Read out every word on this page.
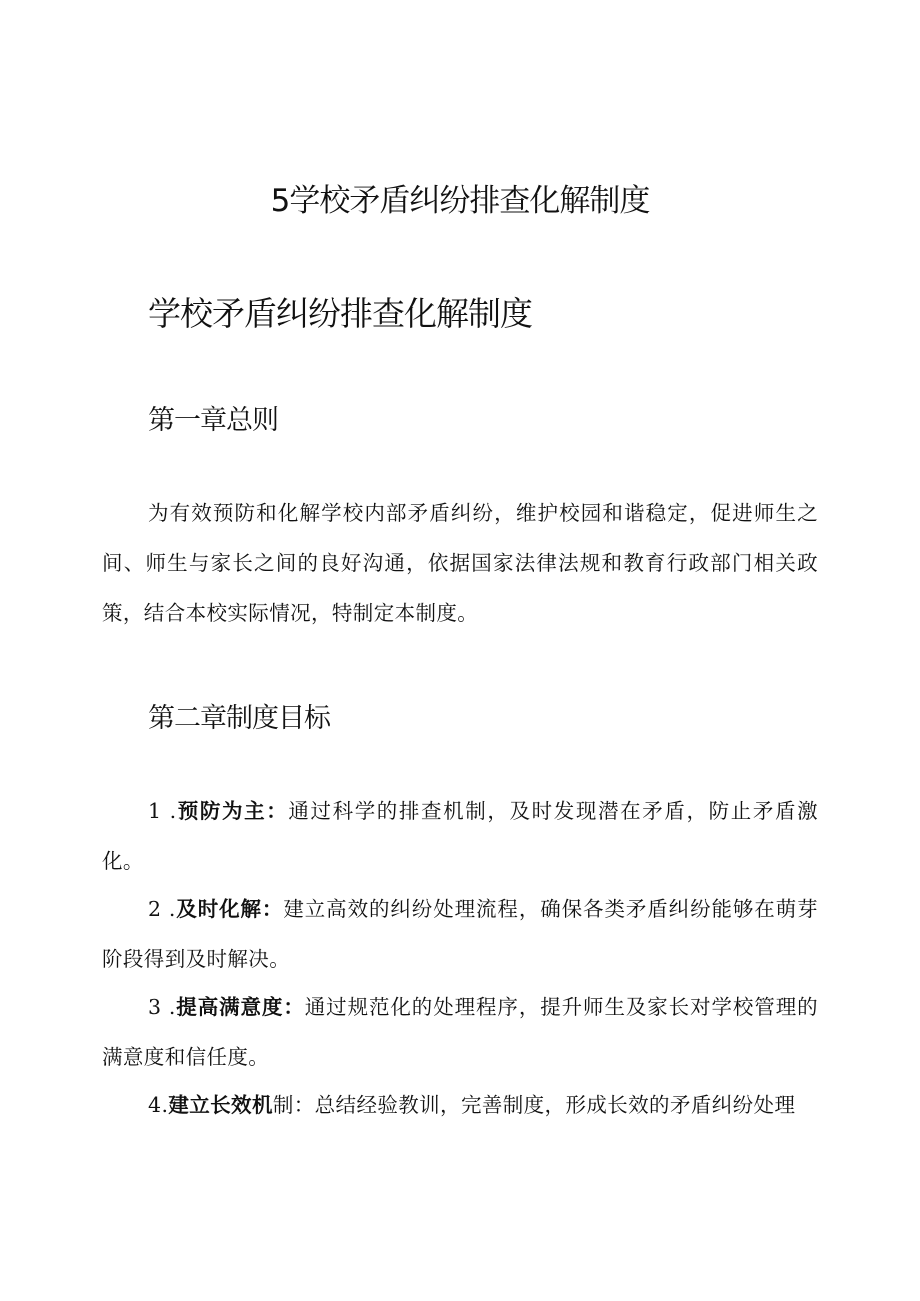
5学校矛盾纠纷排查化解制度
学校矛盾纠纷排查化解制度
第一章总则

为有效预防和化解学校内部矛盾纠纷，维护校园和谐稳定，促进师生之间、师生与家长之间的良好沟通，依据国家法律法规和教育行政部门相关政策，结合本校实际情况，特制定本制度。

第二章制度目标

1 .预防为主：通过科学的排查机制，及时发现潜在矛盾，防止矛盾激化。

2 .及时化解：建立高效的纠纷处理流程，确保各类矛盾纠纷能够在萌芽阶段得到及时解决。

3 .提高满意度：通过规范化的处理程序，提升师生及家长对学校管理的满意度和信任度。

4.建立长效机制：总结经验教训，完善制度，形成长效的矛盾纠纷处理
